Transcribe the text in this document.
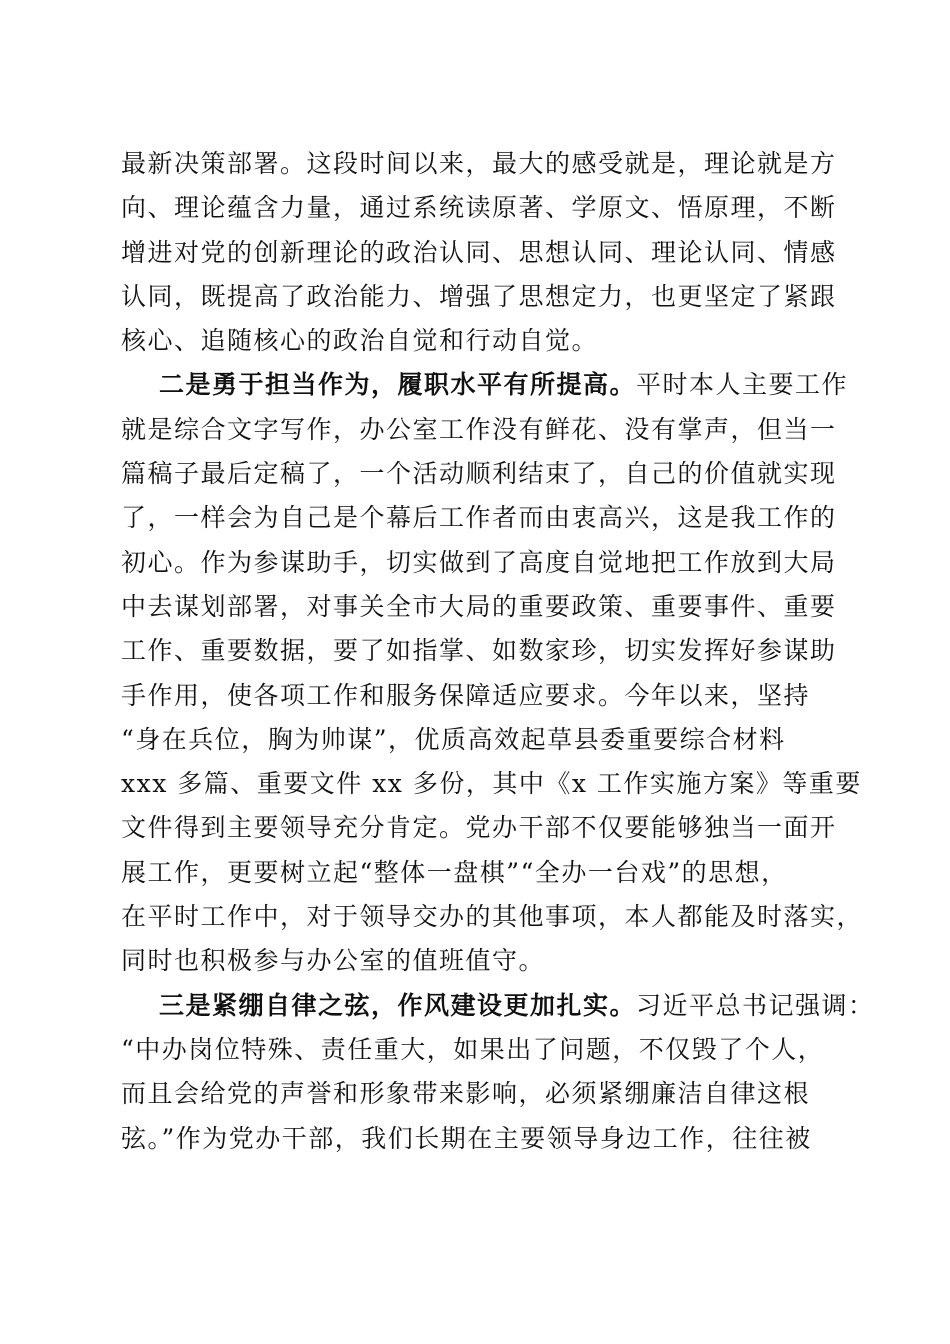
最新决策部署。这段时间以来，最大的感受就是，理论就是方
向、理论蕴含力量，通过系统读原著、学原文、悟原理，不断
增进对党的创新理论的政治认同、思想认同、理论认同、情感
认同，既提高了政治能力、增强了思想定力，也更坚定了紧跟
核心、追随核心的政治自觉和行动自觉。
二是勇于担当作为，履职水平有所提高。平时本人主要工作
就是综合文字写作，办公室工作没有鲜花、没有掌声，但当一
篇稿子最后定稿了，一个活动顺利结束了，自己的价值就实现
了，一样会为自己是个幕后工作者而由衷高兴，这是我工作的
初心。作为参谋助手，切实做到了高度自觉地把工作放到大局
中去谋划部署，对事关全市大局的重要政策、重要事件、重要
工作、重要数据，要了如指掌、如数家珍，切实发挥好参谋助
手作用，使各项工作和服务保障适应要求。今年以来，坚持
“身在兵位，胸为帅谋”，优质高效起草县委重要综合材料
xxx 多篇、重要文件 xx 多份，其中《x 工作实施方案》等重要
文件得到主要领导充分肯定。党办干部不仅要能够独当一面开
展工作，更要树立起“整体一盘棋”“全办一台戏”的思想，
在平时工作中，对于领导交办的其他事项，本人都能及时落实，
同时也积极参与办公室的值班值守。
三是紧绷自律之弦，作风建设更加扎实。习近平总书记强调：
“中办岗位特殊、责任重大，如果出了问题，不仅毁了个人，
而且会给党的声誉和形象带来影响，必须紧绷廉洁自律这根
弦。”作为党办干部，我们长期在主要领导身边工作，往往被
